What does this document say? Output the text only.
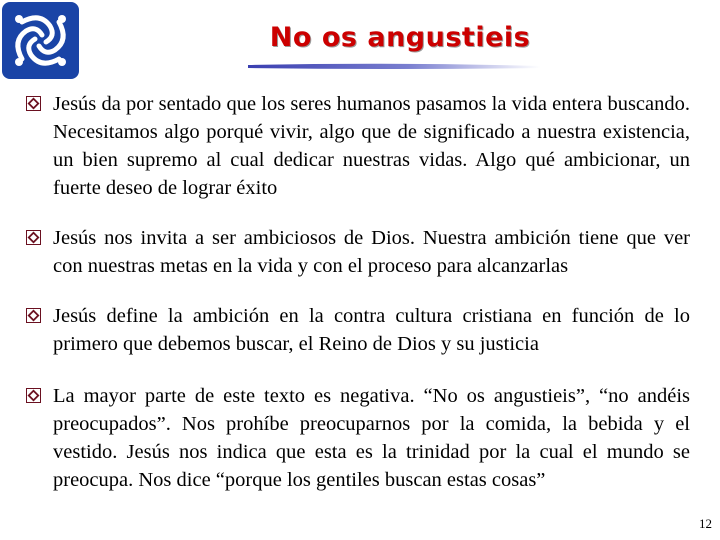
No os angustieis
Jesús da por sentado que los seres humanos pasamos la vida entera buscando. Necesitamos algo porqué vivir, algo que de significado a nuestra existencia, un bien supremo al cual dedicar nuestras vidas. Algo qué ambicionar, un fuerte deseo de lograr éxito
Jesús nos invita a ser ambiciosos de Dios. Nuestra ambición tiene que ver con nuestras metas en la vida y con el proceso para alcanzarlas
Jesús define la ambición en la contra cultura cristiana en función de lo primero que debemos buscar, el Reino de Dios y su justicia
La mayor parte de este texto es negativa. “No os angustieis”, “no andéis preocupados”. Nos prohíbe preocuparnos por la comida, la bebida y el vestido. Jesús nos indica que esta es la trinidad por la cual el mundo se preocupa. Nos dice “porque los gentiles buscan estas cosas”
12
